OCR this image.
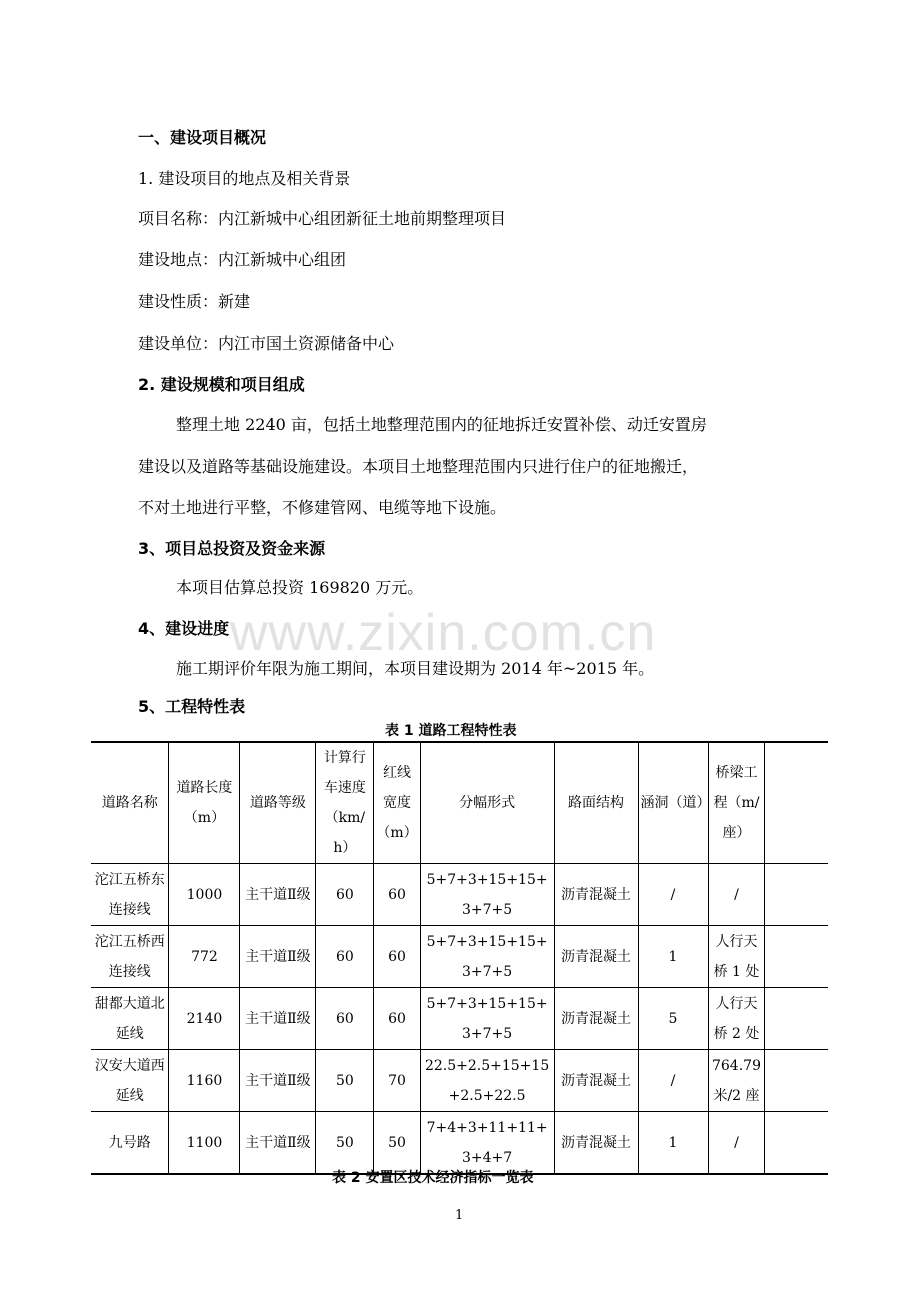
www.zixin.com.cn
一、建设项目概况
1. 建设项目的地点及相关背景
项目名称：内江新城中心组团新征土地前期整理项目
建设地点：内江新城中心组团
建设性质：新建
建设单位：内江市国土资源储备中心
2. 建设规模和项目组成
整理土地 2240 亩，包括土地整理范围内的征地拆迁安置补偿、动迁安置房
建设以及道路等基础设施建设。本项目土地整理范围内只进行住户的征地搬迁，
不对土地进行平整，不修建管网、电缆等地下设施。
3、项目总投资及资金来源
本项目估算总投资 169820 万元。
4、建设进度
施工期评价年限为施工期间，本项目建设期为 2014 年~2015 年。
5、工程特性表
表 1 道路工程特性表
道路名称	道路长度（m）	道路等级	计算行车速度（km/h）	红线宽度（m）	分幅形式	路面结构	涵洞（道）	桥梁工程（m/座）	
沱江五桥东连接线	1000	主干道Ⅱ级	60	60	5+7+3+15+15+3+7+5	沥青混凝土	/	/	
沱江五桥西连接线	772	主干道Ⅱ级	60	60	5+7+3+15+15+3+7+5	沥青混凝土	1	人行天桥 1 处	
甜都大道北延线	2140	主干道Ⅱ级	60	60	5+7+3+15+15+3+7+5	沥青混凝土	5	人行天桥 2 处	
汉安大道西延线	1160	主干道Ⅱ级	50	70	22.5+2.5+15+15+2.5+22.5	沥青混凝土	/	764.79米/2 座	
九号路	1100	主干道Ⅱ级	50	50	7+4+3+11+11+3+4+7	沥青混凝土	1	/	
表 2 安置区技术经济指标一览表
1
